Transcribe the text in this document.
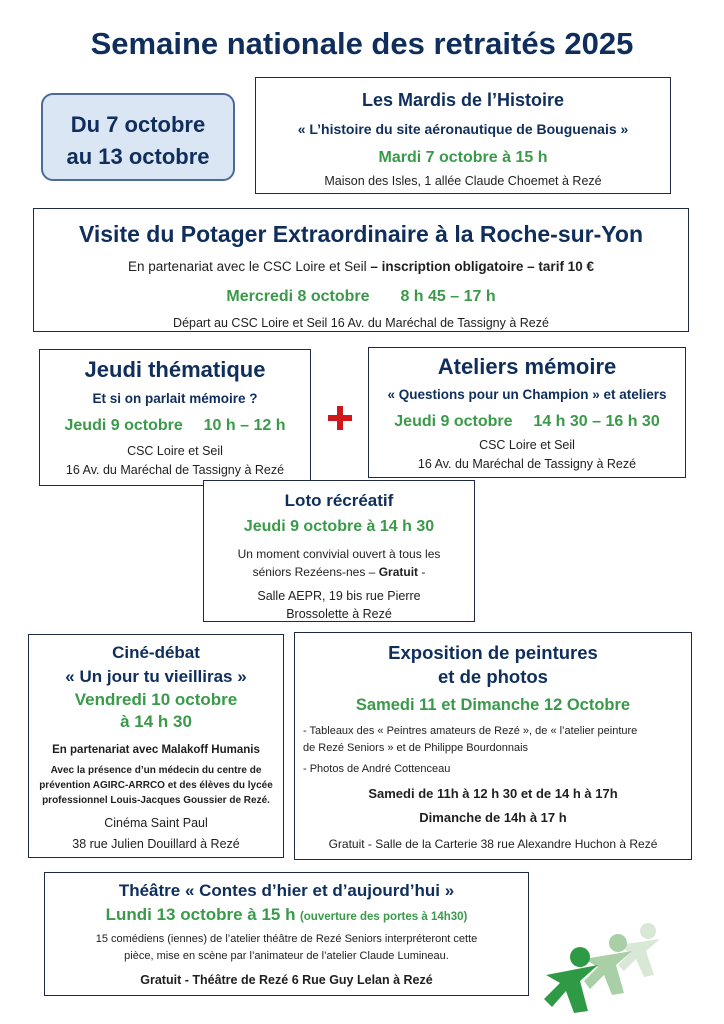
Semaine nationale des retraités 2025
Du 7 octobre
au 13 octobre
Les Mardis de l’Histoire
« L’histoire du site aéronautique de Bouguenais »
Mardi 7 octobre à 15 h
Maison des Isles, 1 allée Claude Choemet à Rezé
Visite du Potager Extraordinaire à la Roche-sur-Yon
En partenariat avec le CSC Loire et Seil – inscription obligatoire – tarif 10 €
Mercredi 8 octobre 8 h 45 – 17 h
Départ au CSC Loire et Seil 16 Av. du Maréchal de Tassigny à Rezé
Jeudi thématique
Et si on parlait mémoire ?
Jeudi 9 octobre 10 h – 12 h
CSC Loire et Seil
16 Av. du Maréchal de Tassigny à Rezé
Ateliers mémoire
« Questions pour un Champion » et ateliers
Jeudi 9 octobre 14 h 30 – 16 h 30
CSC Loire et Seil
16 Av. du Maréchal de Tassigny à Rezé
Loto récréatif
Jeudi 9 octobre à 14 h 30
Un moment convivial ouvert à tous les
séniors Rezéens-nes – Gratuit -
Salle AEPR, 19 bis rue Pierre
Brossolette à Rezé
Ciné-débat
« Un jour tu vieilliras »
Vendredi 10 octobre
à 14 h 30
En partenariat avec Malakoff Humanis
Avec la présence d’un médecin du centre de
prévention AGIRC-ARRCO et des élèves du lycée
professionnel Louis-Jacques Goussier de Rezé.
Cinéma Saint Paul
38 rue Julien Douillard à Rezé
Exposition de peintures
et de photos
Samedi 11 et Dimanche 12 Octobre
- Tableaux des « Peintres amateurs de Rezé », de « l’atelier peinture
de Rezé Seniors » et de Philippe Bourdonnais
- Photos de André Cottenceau
Samedi de 11h à 12 h 30 et de 14 h à 17h
Dimanche de 14h à 17 h
Gratuit - Salle de la Carterie 38 rue Alexandre Huchon à Rezé
Théâtre « Contes d’hier et d’aujourd’hui »
Lundi 13 octobre à 15 h (ouverture des portes à 14h30)
15 comédiens (iennes) de l’atelier théâtre de Rezé Seniors interpréteront cette
pièce, mise en scène par l’animateur de l’atelier Claude Lumineau.
Gratuit - Théâtre de Rezé 6 Rue Guy Lelan à Rezé
